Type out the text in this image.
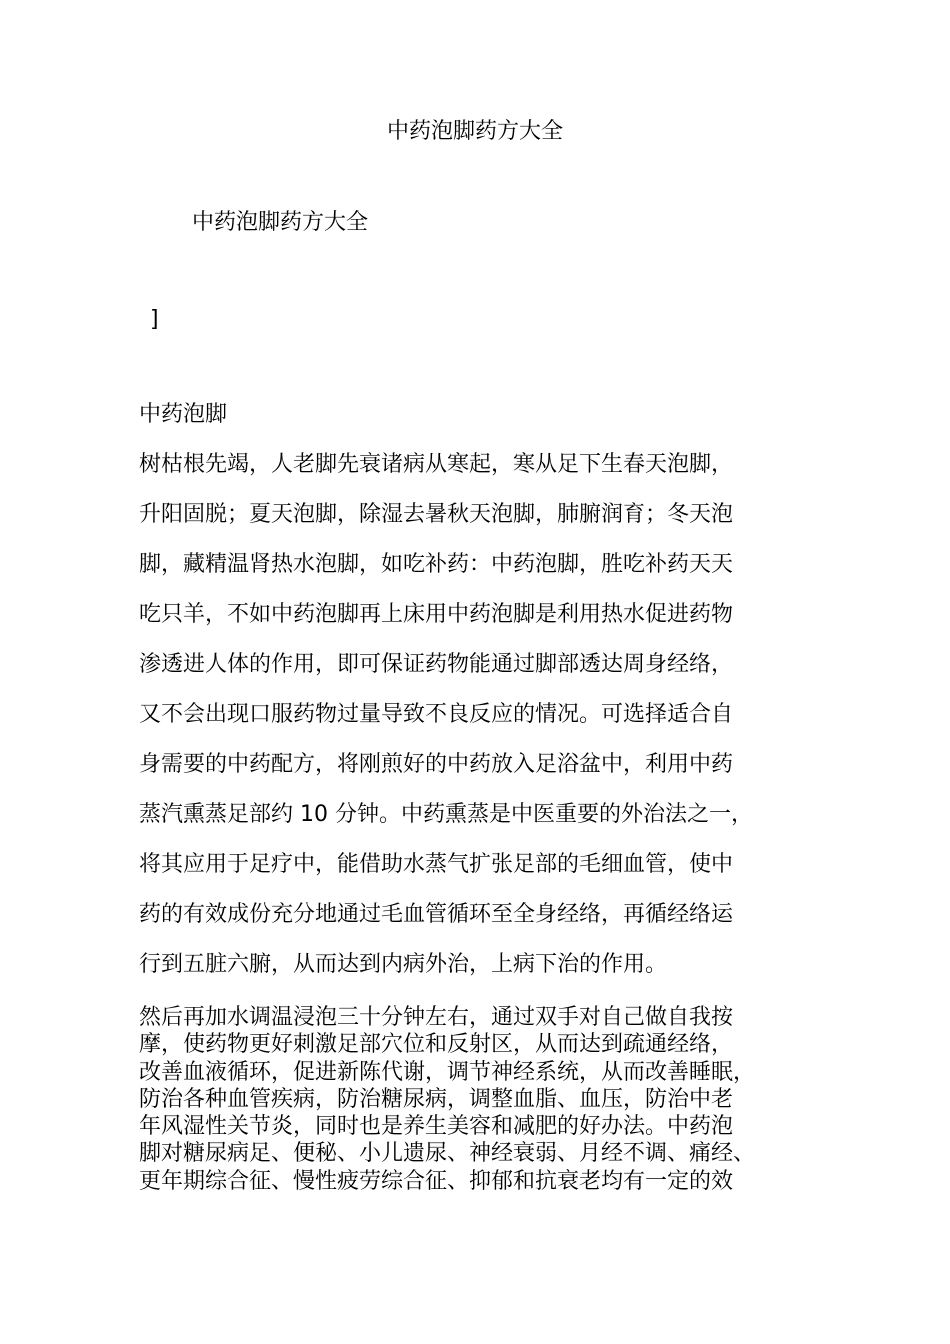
中药泡脚药方大全
中药泡脚药方大全
]
中药泡脚
树枯根先竭，人老脚先衰诸病从寒起，寒从足下生春天泡脚，
升阳固脱；夏天泡脚，除湿去暑秋天泡脚，肺腑润育；冬天泡
脚，藏精温肾热水泡脚，如吃补药：中药泡脚，胜吃补药天天
吃只羊，不如中药泡脚再上床用中药泡脚是利用热水促进药物
渗透进人体的作用，即可保证药物能通过脚部透达周身经络，
又不会出现口服药物过量导致不良反应的情况。可选择适合自
身需要的中药配方，将刚煎好的中药放入足浴盆中，利用中药
蒸汽熏蒸足部约 10 分钟。中药熏蒸是中医重要的外治法之一，
将其应用于足疗中，能借助水蒸气扩张足部的毛细血管，使中
药的有效成份充分地通过毛血管循环至全身经络，再循经络运
行到五脏六腑，从而达到内病外治，上病下治的作用。
然后再加水调温浸泡三十分钟左右，通过双手对自己做自我按
摩，使药物更好刺激足部穴位和反射区，从而达到疏通经络，
改善血液循环，促进新陈代谢，调节神经系统，从而改善睡眠，
防治各种血管疾病，防治糖尿病，调整血脂、血压，防治中老
年风湿性关节炎，同时也是养生美容和减肥的好办法。中药泡
脚对糖尿病足、便秘、小儿遗尿、神经衰弱、月经不调、痛经、
更年期综合征、慢性疲劳综合征、抑郁和抗衰老均有一定的效
